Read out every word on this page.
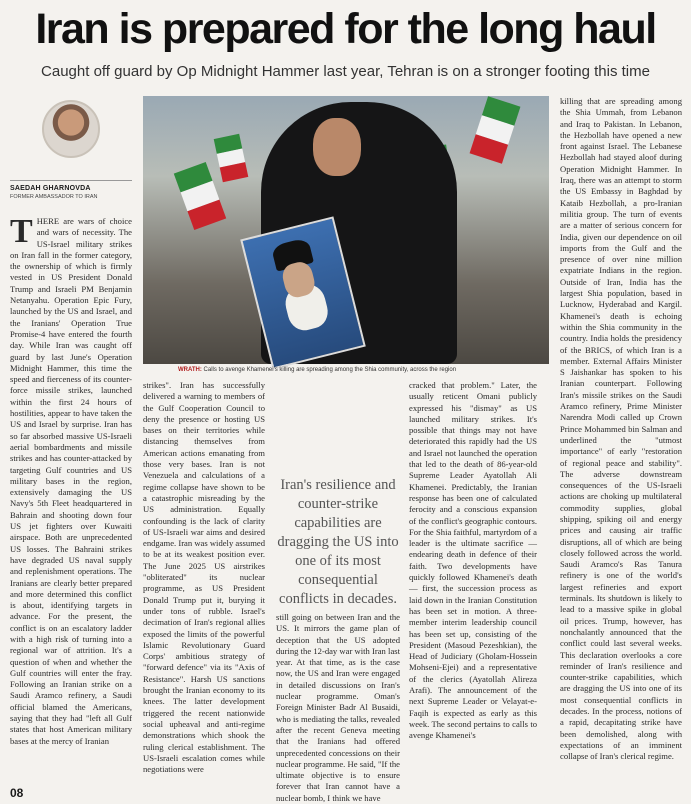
Iran is prepared for the long haul
Caught off guard by Op Midnight Hammer last year, Tehran is on a stronger footing this time
SAEDAH GHARNOVDA
FORMER AMBASSADOR TO IRAN
WRATH: Calls to avenge Khamenei's killing are spreading among the Shia community, across the region
THERE are wars of choice and wars of necessity. The US-Israel military strikes on Iran fall in the former category, the ownership of which is firmly vested in US President Donald Trump and Israeli PM Benjamin Netanyahu. Operation Epic Fury, launched by the US and Israel, and the Iranians' Operation True Promise-4 have entered the fourth day. While Iran was caught off guard by last June's Operation Midnight Hammer, this time the speed and fierceness of its counter-force missile strikes, launched within the first 24 hours of hostilities, appear to have taken the US and Israel by surprise. Iran has so far absorbed massive US-Israeli aerial bombardments and missile strikes and has counter-attacked by targeting Gulf countries and US military bases in the region, extensively damaging the US Navy's 5th Fleet headquartered in Bahrain and shooting down four US jet fighters over Kuwaiti airspace. Both are unprecedented US losses. The Bahraini strikes have degraded US naval supply and replenishment operations. The Iranians are clearly better prepared and more determined this conflict is about, identifying targets in advance. For the present, the conflict is on an escalatory ladder with a high risk of turning into a regional war of attrition. It's a question of when and whether the Gulf countries will enter the fray. Following an Iranian strike on a Saudi Aramco refinery, a Saudi official blamed the Americans, saying that they had "left all Gulf states that host American military bases at the mercy of Iranian
strikes". Iran has successfully delivered a warning to members of the Gulf Cooperation Council to deny the presence or hosting US bases on their territories while distancing themselves from American actions emanating from those very bases. Iran is not Venezuela and calculations of a regime collapse have shown to be a catastrophic misreading by the US administration. Equally confounding is the lack of clarity of US-Israeli war aims and desired endgame. Iran was widely assumed to be at its weakest position ever. The June 2025 US airstrikes "obliterated" its nuclear programme, as US President Donald Trump put it, burying it under tons of rubble. Israel's decimation of Iran's regional allies exposed the limits of the powerful Islamic Revolutionary Guard Corps' ambitious strategy of "forward defence" via its "Axis of Resistance". Harsh US sanctions brought the Iranian economy to its knees. The latter development triggered the recent nationwide social upheaval and anti-regime demonstrations which shook the ruling clerical establishment. The US-Israeli escalation comes while negotiations were
Iran's resilience and counter-strike capabilities are dragging the US into one of its most consequential conflicts in decades.
still going on between Iran and the US. It mirrors the game plan of deception that the US adopted during the 12-day war with Iran last year. At that time, as is the case now, the US and Iran were engaged in detailed discussions on Iran's nuclear programme. Oman's Foreign Minister Badr Al Busaidi, who is mediating the talks, revealed after the recent Geneva meeting that the Iranians had offered unprecedented concessions on their nuclear programme. He said, "If the ultimate objective is to ensure forever that Iran cannot have a nuclear bomb, I think we have
cracked that problem." Later, the usually reticent Omani publicly expressed his "dismay" as US launched military strikes. It's possible that things may not have deteriorated this rapidly had the US and Israel not launched the operation that led to the death of 86-year-old Supreme Leader Ayatollah Ali Khamenei. Predictably, the Iranian response has been one of calculated ferocity and a conscious expansion of the conflict's geographic contours. For the Shia faithful, martyrdom of a leader is the ultimate sacrifice — endearing death in defence of their faith. Two developments have quickly followed Khamenei's death — first, the succession process as laid down in the Iranian Constitution has been set in motion. A three-member interim leadership council has been set up, consisting of the President (Masoud Pezeshkian), the Head of Judiciary (Gholam-Hossein Mohseni-Ejei) and a representative of the clerics (Ayatollah Alireza Arafi). The announcement of the next Supreme Leader or Velayat-e-Faqih is expected as early as this week. The second pertains to calls to avenge Khamenei's
killing that are spreading among the Shia Ummah, from Lebanon and Iraq to Pakistan. In Lebanon, the Hezbollah have opened a new front against Israel. The Lebanese Hezbollah had stayed aloof during Operation Midnight Hammer. In Iraq, there was an attempt to storm the US Embassy in Baghdad by Kataib Hezbollah, a pro-Iranian militia group. The turn of events are a matter of serious concern for India, given our dependence on oil imports from the Gulf and the presence of over nine million expatriate Indians in the region. Outside of Iran, India has the largest Shia population, based in Lucknow, Hyderabad and Kargil. Khamenei's death is echoing within the Shia community in the country. India holds the presidency of the BRICS, of which Iran is a member. External Affairs Minister S Jaishankar has spoken to his Iranian counterpart. Following Iran's missile strikes on the Saudi Aramco refinery, Prime Minister Narendra Modi called up Crown Prince Mohammed bin Salman and underlined the "utmost importance" of early "restoration of regional peace and stability". The adverse downstream consequences of the US-Israeli actions are choking up multilateral commodity supplies, global shipping, spiking oil and energy prices and causing air traffic disruptions, all of which are being closely followed across the world. Saudi Aramco's Ras Tanura refinery is one of the world's largest refineries and export terminals. Its shutdown is likely to lead to a massive spike in global oil prices. Trump, however, has nonchalantly announced that the conflict could last several weeks. This declaration overlooks a core reminder of Iran's resilience and counter-strike capabilities, which are dragging the US into one of its most consequential conflicts in decades. In the process, notions of a rapid, decapitating strike have been demolished, along with expectations of an imminent collapse of Iran's clerical regime.
08
